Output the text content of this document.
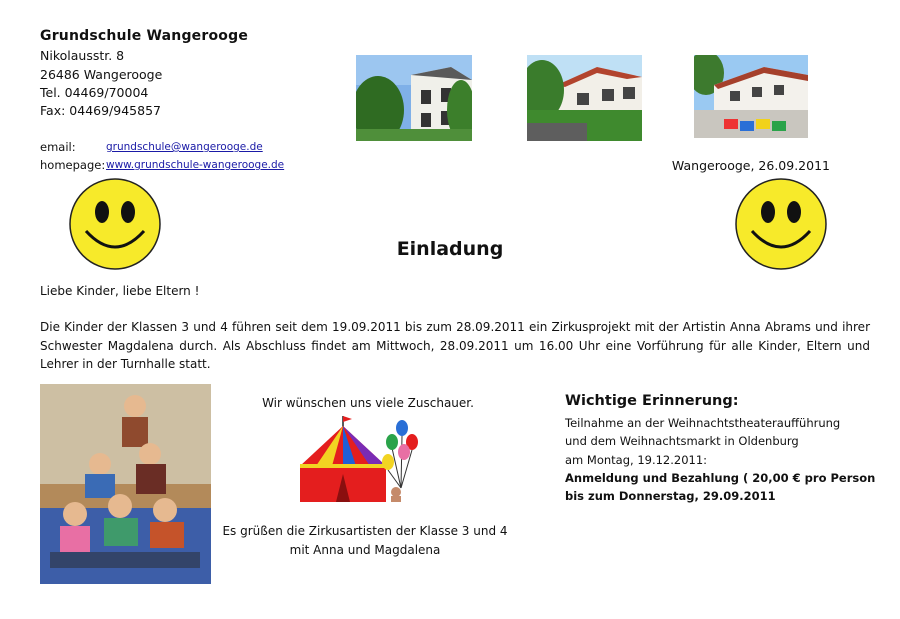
Grundschule Wangerooge
Nikolausstr. 8
26486 Wangerooge
Tel. 04469/70004
Fax: 04469/945857
email:	grundschule@wangerooge.de
homepage: www.grundschule-wangerooge.de	Wangerooge, 26.09.2011
Einladung
Liebe Kinder, liebe Eltern !
Die Kinder der Klassen 3 und 4 führen seit dem 19.09.2011 bis zum 28.09.2011 ein Zirkusprojekt mit der Artistin Anna Abrams und ihrer Schwester Magdalena durch. Als Abschluss findet am Mittwoch, 28.09.2011 um 16.00 Uhr eine Vorführung für alle Kinder, Eltern und Lehrer in der Turnhalle statt.
Wir wünschen uns viele Zuschauer.
Es grüßen die Zirkusartisten der Klasse 3 und 4
mit Anna und Magdalena
Wichtige Erinnerung:
Teilnahme an der Weihnachtstheateraufführung
und dem Weihnachtsmarkt in Oldenburg
am Montag, 19.12.2011:
Anmeldung und Bezahlung ( 20,00 € pro Person
bis zum Donnerstag, 29.09.2011
